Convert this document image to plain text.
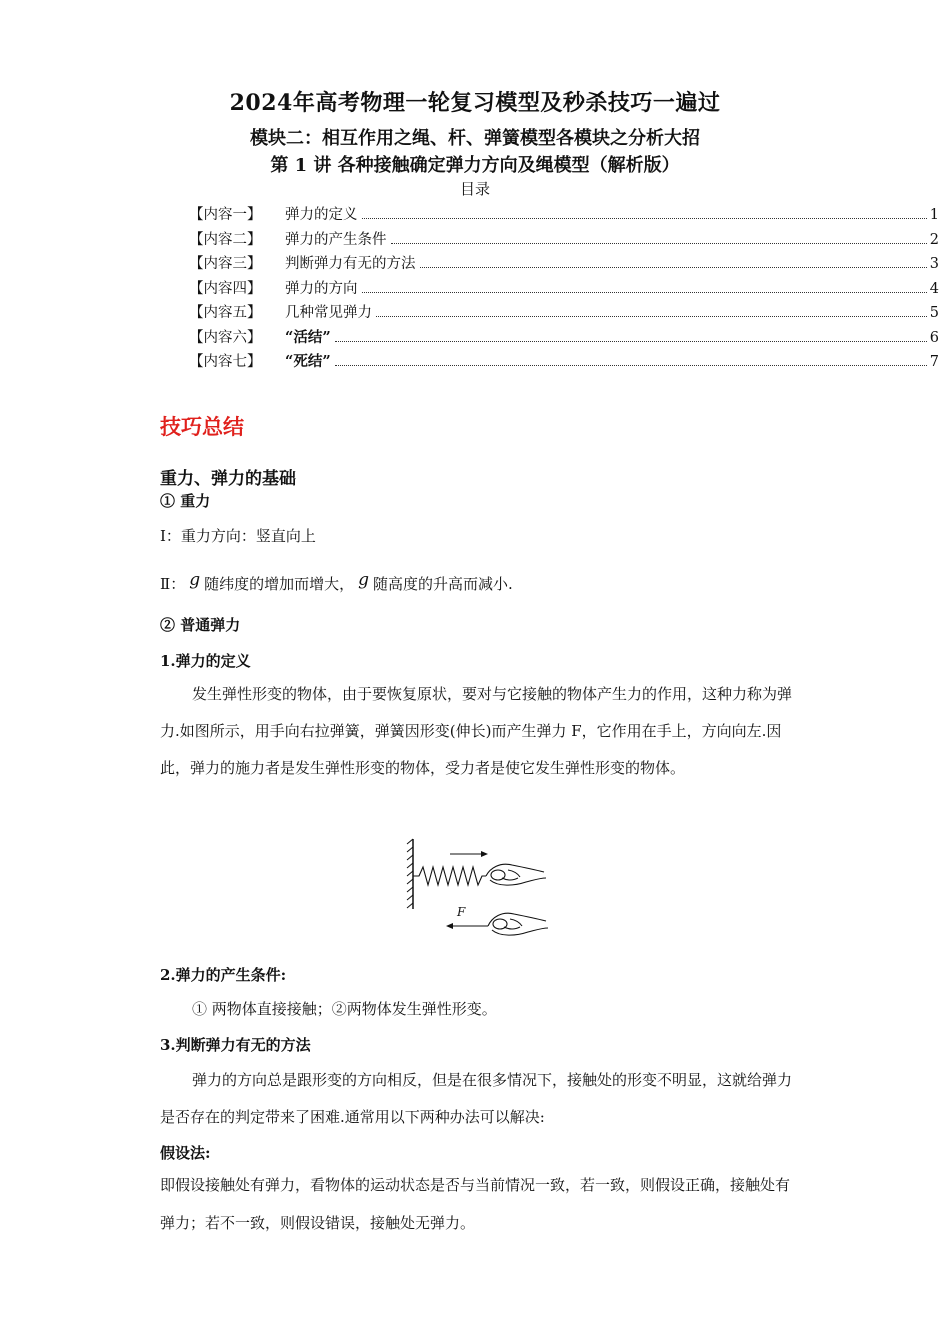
2024年高考物理一轮复习模型及秒杀技巧一遍过
模块二：相互作用之绳、杆、弹簧模型各模块之分析大招
第 1 讲 各种接触确定弹力方向及绳模型（解析版）
目录
【内容一】	弹力的定义	1
【内容二】	弹力的产生条件	2
【内容三】	判断弹力有无的方法	3
【内容四】	弹力的方向	4
【内容五】	几种常见弹力	5
【内容六】	“活结”	6
【内容七】	“死结”	7
技巧总结
重力、弹力的基础
① 重力
I：重力方向：竖直向上
Ⅱ： g 随纬度的增加而增大， g 随高度的升高而减小.
② 普通弹力
1.弹力的定义
发生弹性形变的物体，由于要恢复原状，要对与它接触的物体产生力的作用，这种力称为弹力.如图所示，用手向右拉弹簧，弹簧因形变(伸长)而产生弹力 F，它作用在手上，方向向左.因此，弹力的施力者是发生弹性形变的物体，受力者是使它发生弹性形变的物体。
F
2.弹力的产生条件:
① 两物体直接接触；②两物体发生弹性形变。
3.判断弹力有无的方法
弹力的方向总是跟形变的方向相反，但是在很多情况下，接触处的形变不明显，这就给弹力是否存在的判定带来了困难.通常用以下两种办法可以解决:
假设法:
即假设接触处有弹力，看物体的运动状态是否与当前情况一致，若一致，则假设正确，接触处有弹力；若不一致，则假设错误，接触处无弹力。
